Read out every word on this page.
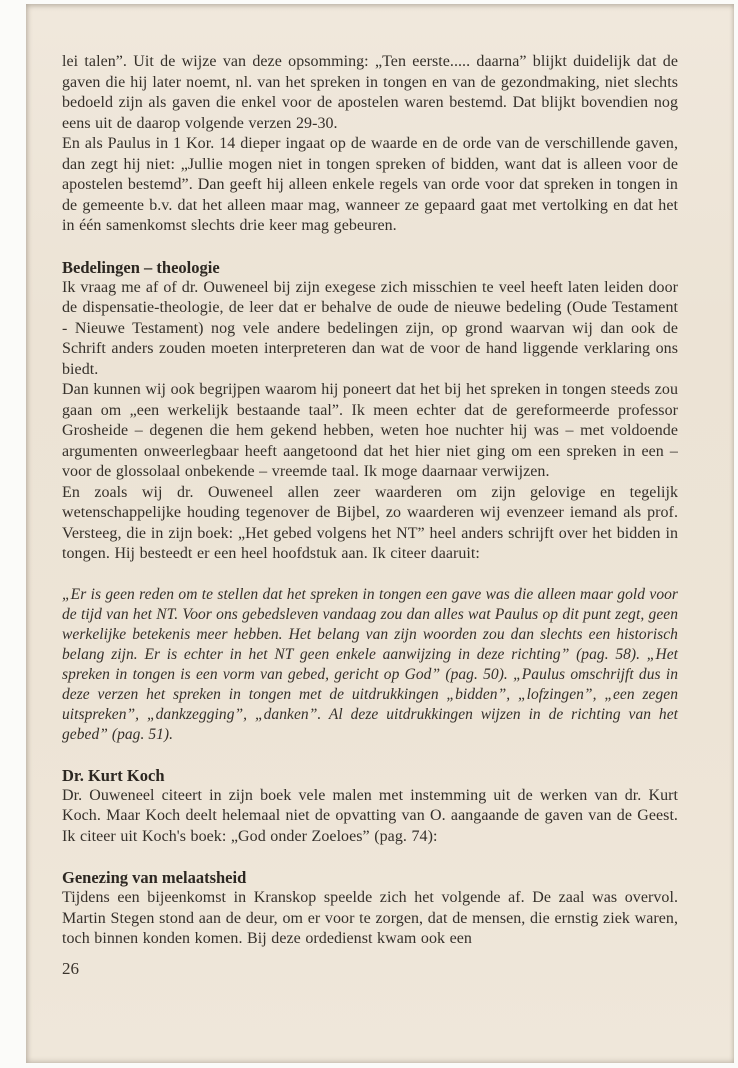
lei talen”. Uit de wijze van deze opsomming: „Ten eerste..... daarna” blijkt duidelijk dat de gaven die hij later noemt, nl. van het spreken in tongen en van de gezondmaking, niet slechts bedoeld zijn als gaven die enkel voor de apostelen waren bestemd. Dat blijkt bovendien nog eens uit de daarop volgende verzen 29-30.

En als Paulus in 1 Kor. 14 dieper ingaat op de waarde en de orde van de verschillende gaven, dan zegt hij niet: „Jullie mogen niet in tongen spreken of bidden, want dat is alleen voor de apostelen bestemd”. Dan geeft hij alleen enkele regels van orde voor dat spreken in tongen in de gemeente b.v. dat het alleen maar mag, wanneer ze gepaard gaat met vertolking en dat het in één samenkomst slechts drie keer mag gebeuren.

Bedelingen – theologie

Ik vraag me af of dr. Ouweneel bij zijn exegese zich misschien te veel heeft laten leiden door de dispensatie-theologie, de leer dat er behalve de oude de nieuwe bedeling (Oude Testament - Nieuwe Testament) nog vele andere bedelingen zijn, op grond waarvan wij dan ook de Schrift anders zouden moeten interpreteren dan wat de voor de hand liggende verklaring ons biedt.

Dan kunnen wij ook begrijpen waarom hij poneert dat het bij het spreken in tongen steeds zou gaan om „een werkelijk bestaande taal”. Ik meen echter dat de gereformeerde professor Grosheide – degenen die hem gekend hebben, weten hoe nuchter hij was – met voldoende argumenten onweerlegbaar heeft aangetoond dat het hier niet ging om een spreken in een – voor de glossolaal onbekende – vreemde taal. Ik moge daarnaar verwijzen.

En zoals wij dr. Ouweneel allen zeer waarderen om zijn gelovige en tegelijk wetenschappelijke houding tegenover de Bijbel, zo waarderen wij evenzeer iemand als prof. Versteeg, die in zijn boek: „Het gebed volgens het NT” heel anders schrijft over het bidden in tongen. Hij besteedt er een heel hoofdstuk aan. Ik citeer daaruit:

„Er is geen reden om te stellen dat het spreken in tongen een gave was die alleen maar gold voor de tijd van het NT. Voor ons gebedsleven vandaag zou dan alles wat Paulus op dit punt zegt, geen werkelijke betekenis meer hebben. Het belang van zijn woorden zou dan slechts een historisch belang zijn. Er is echter in het NT geen enkele aanwijzing in deze richting” (pag. 58). „Het spreken in tongen is een vorm van gebed, gericht op God” (pag. 50). „Paulus omschrijft dus in deze verzen het spreken in tongen met de uitdrukkingen „bidden”, „lofzingen”, „een zegen uitspreken”, „dankzegging”, „danken”. Al deze uitdrukkingen wijzen in de richting van het gebed” (pag. 51).

Dr. Kurt Koch

Dr. Ouweneel citeert in zijn boek vele malen met instemming uit de werken van dr. Kurt Koch. Maar Koch deelt helemaal niet de opvatting van O. aangaande de gaven van de Geest. Ik citeer uit Koch's boek: „God onder Zoeloes” (pag. 74):

Genezing van melaatsheid

Tijdens een bijeenkomst in Kranskop speelde zich het volgende af. De zaal was overvol. Martin Stegen stond aan de deur, om er voor te zorgen, dat de mensen, die ernstig ziek waren, toch binnen konden komen. Bij deze ordedienst kwam ook een

26
